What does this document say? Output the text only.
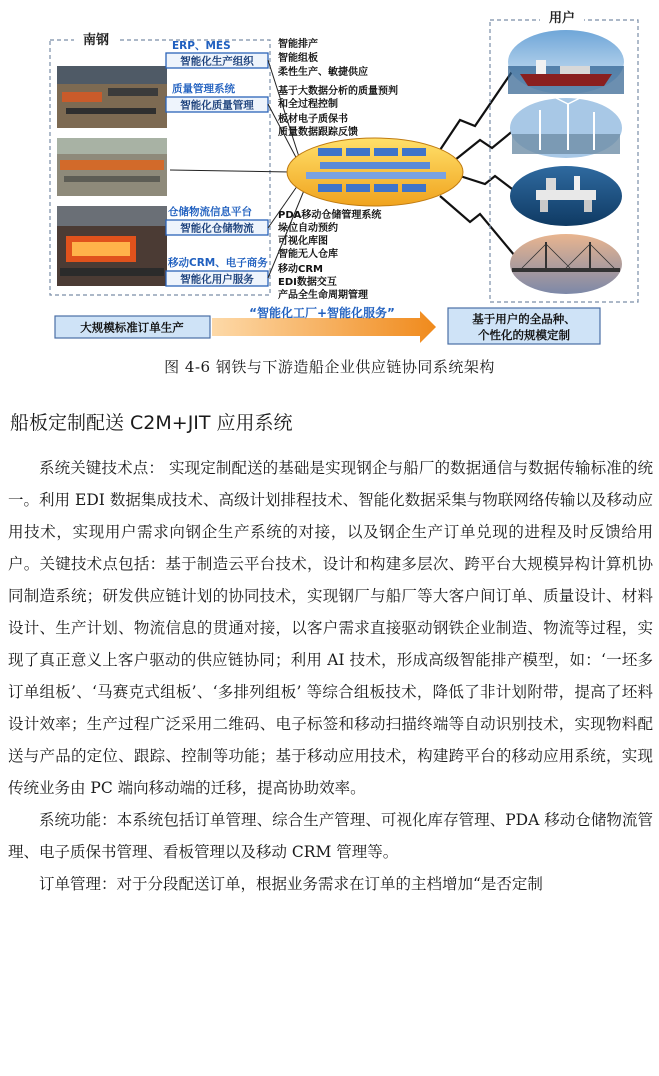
南钢	ERP、MES
智能化生产组织
智能排产
智能组板
柔性生产、敏捷供应
质量管理系统
智能化质量管理
基于大数据分析的质量预判
和全过程控制
板材电子质保书
质量数据跟踪反馈
仓储物流信息平台
智能化仓储物流
PDA移动仓储管理系统
垛位自动预约
可视化库图
智能无人仓库
移动CRM、电子商务
智能化用户服务
移动CRM
EDI数据交互
产品全生命周期管理
用户
大规模标准订单生产
“智能化工厂+智能化服务”	基于用户的全品种、
个性化的规模定制
图 4-6 钢铁与下游造船企业供应链协同系统架构
船板定制配送 C2M+JIT 应用系统

系统关键技术点： 实现定制配送的基础是实现钢企与船厂的数据通信与数据传输标准的统一。利用 EDI 数据集成技术、高级计划排程技术、智能化数据采集与物联网络传输以及移动应用技术，实现用户需求向钢企生产系统的对接，以及钢企生产订单兑现的进程及时反馈给用户。关键技术点包括：基于制造云平台技术，设计和构建多层次、跨平台大规模异构计算机协同制造系统；研发供应链计划的协同技术，实现钢厂与船厂等大客户间订单、质量设计、材料设计、生产计划、物流信息的贯通对接，以客户需求直接驱动钢铁企业制造、物流等过程，实现了真正意义上客户驱动的供应链协同；利用 AI 技术，形成高级智能排产模型，如：‘一坯多订单组板’、‘马赛克式组板’、‘多排列组板’ 等综合组板技术，降低了非计划附带，提高了坯料设计效率；生产过程广泛采用二维码、电子标签和移动扫描终端等自动识别技术，实现物料配送与产品的定位、跟踪、控制等功能；基于移动应用技术，构建跨平台的移动应用系统，实现传统业务由 PC 端向移动端的迁移，提高协助效率。

系统功能：本系统包括订单管理、综合生产管理、可视化库存管理、PDA 移动仓储物流管理、电子质保书管理、看板管理以及移动 CRM 管理等。

订单管理：对于分段配送订单，根据业务需求在订单的主档增加“是否定制
